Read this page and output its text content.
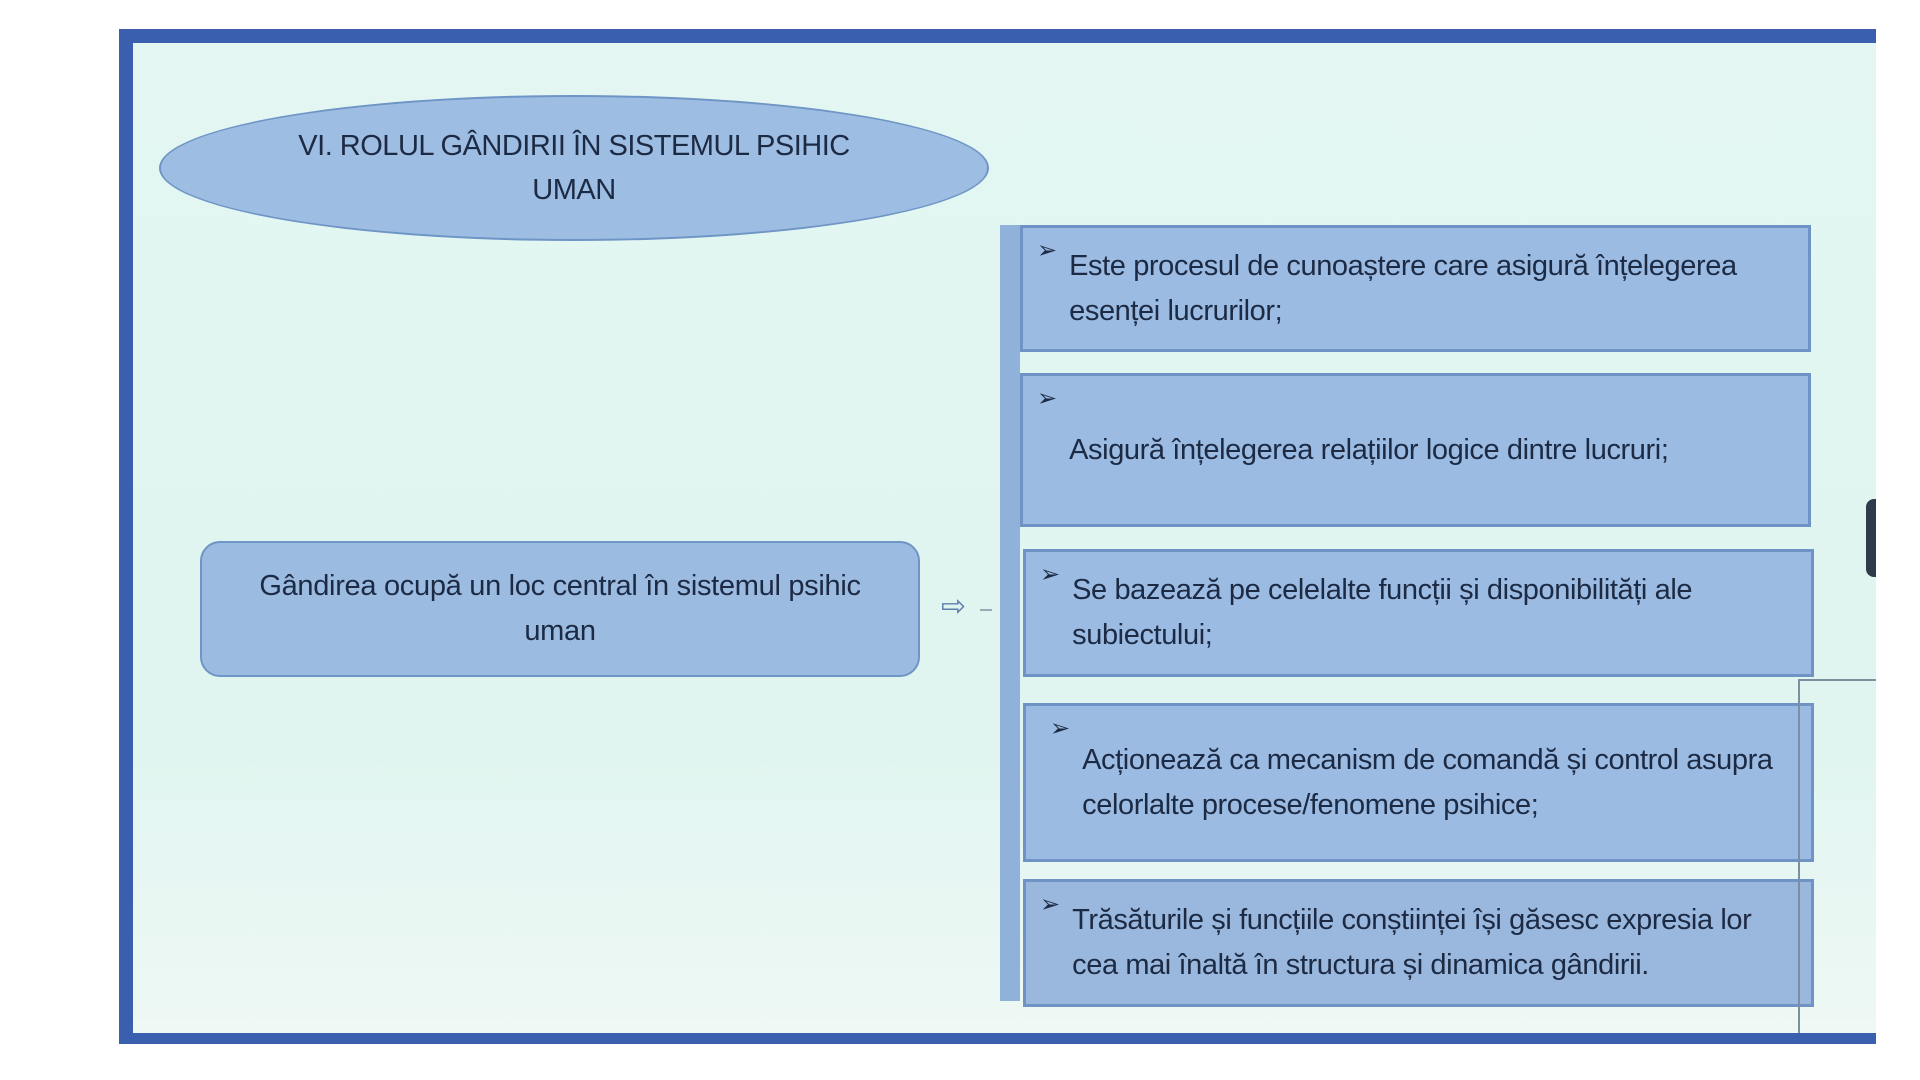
VI. ROLUL GÂNDIRII ÎN SISTEMUL PSIHIC UMAN
Gândirea ocupă un loc central în sistemul psihic uman
⇨
➢ Este procesul de cunoaștere care asigură înțelegerea esenței lucrurilor;
➢
Asigură înțelegerea relațiilor logice dintre lucruri;
➢ Se bazează pe celelalte funcții și disponibilități ale subiectului;
➢
Acționează ca mecanism de comandă și control asupra celorlalte procese/fenomene psihice;
➢ Trăsăturile și funcțiile conștiinței își găsesc expresia lor cea mai înaltă în structura și dinamica gândirii.
